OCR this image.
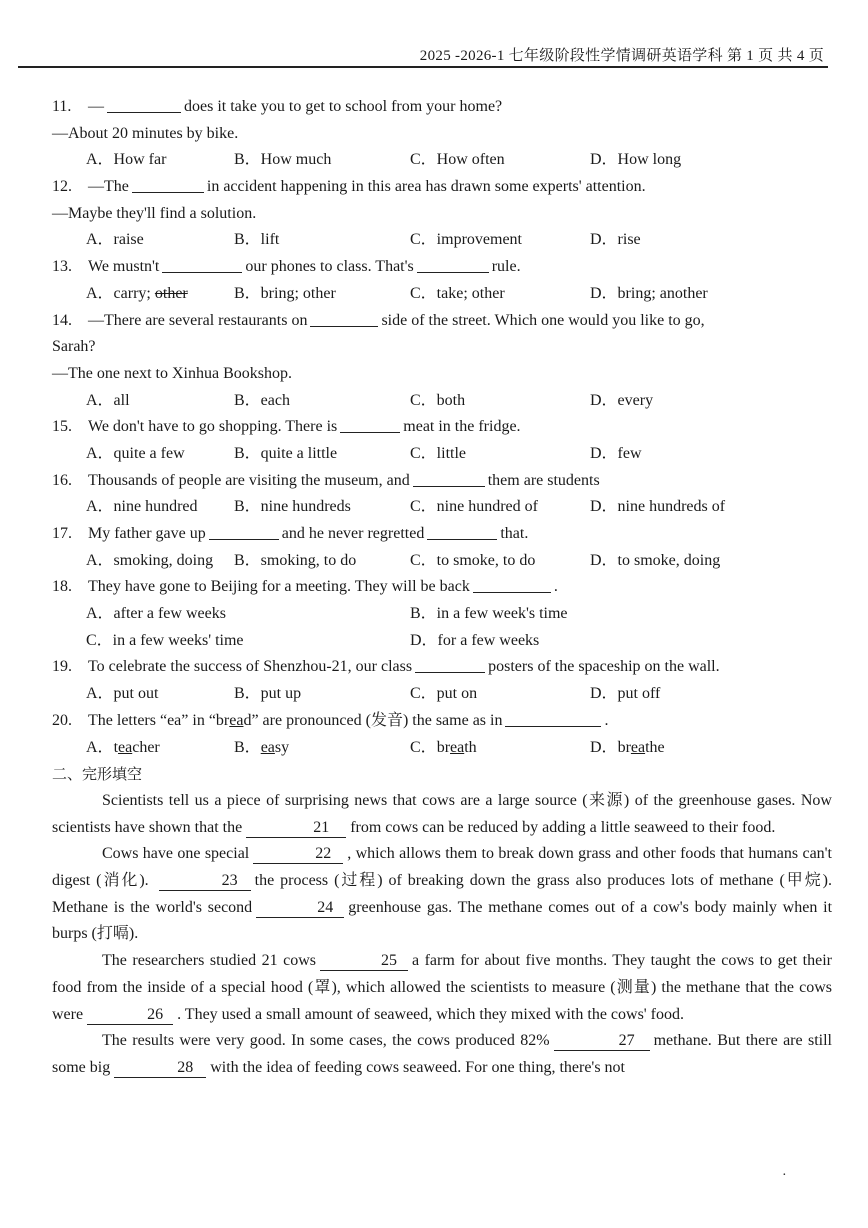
2025 -2026-1 七年级阶段性学情调研英语学科 第 1 页 共 4 页
11. —	does it take you to get to school from your home?
—About 20 minutes by bike.
A．How far	B．How much	C．How often	D．How long
12. —The	in accident happening in this area has drawn some experts' attention.
—Maybe they'll find a solution.
A．raise	B．lift	C．improvement	D．rise
13. We mustn't	our phones to class. That's	rule.
A．carry; other	B．bring; other	C．take; other	D．bring; another
14. —There are several restaurants on	side of the street. Which one would you like to go,
Sarah?
—The one next to Xinhua Bookshop.
A．all	B．each	C．both	D．every
15. We don't have to go shopping. There is	meat in the fridge.
A．quite a few	B．quite a little	C．little	D．few
16. Thousands of people are visiting the museum, and	them are students
A．nine hundred B．nine hundreds	C．nine hundred of	D．nine hundreds of
17. My father gave up	and he never regretted	that.
A．smoking, doing B．smoking, to do	C．to smoke, to do	D．to smoke, doing
18. They have gone to Beijing for a meeting. They will be back	.
A．after a few weeks	B．in a few week's time
C．in a few weeks' time	D．for a few weeks
19. To celebrate the success of Shenzhou-21, our class	posters of the spaceship on the wall.
A．put out	B．put up	C．put on	D．put off
20. The letters “ea” in “bread” are pronounced (发音) the same as in	.
A．teacher	B．easy	C．breath	D．breathe
二、完形填空
Scientists tell us a piece of surprising news that cows are a large source (来源) of the greenhouse gases. Now scientists have shown that the	21 from cows can be reduced by adding a little seaweed to their food.
Cows have one special	22 , which allows them to break down grass and other foods that humans can't digest (消化).	23 the process (过程) of breaking down the grass also produces lots of methane (甲烷). Methane is the world's second	24 greenhouse gas. The methane comes out of a cow's body mainly when it burps (打嗝).
The researchers studied 21 cows	25 a farm for about five months. They taught the cows to get their food from the inside of a special hood (罩), which allowed the scientists to measure (测量) the methane that the cows were	26 . They used a small amount of seaweed, which they mixed with the cows' food.
The results were very good. In some cases, the cows produced 82%	27 methane. But there are still some big	28 with the idea of feeding cows seaweed. For one thing, there's not
·
